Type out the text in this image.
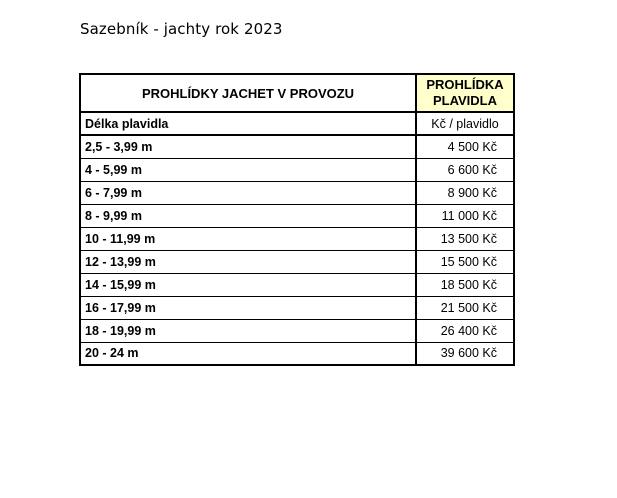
Sazebník - jachty rok 2023
PROHLÍDKY JACHET V PROVOZU	PROHLÍDKA
PLAVIDLA
Délka plavidla	Kč / plavidlo
2,5 - 3,99 m	4 500 Kč
4 - 5,99 m	6 600 Kč
6 - 7,99 m	8 900 Kč
8 - 9,99 m	11 000 Kč
10 - 11,99 m	13 500 Kč
12 - 13,99 m	15 500 Kč
14 - 15,99 m	18 500 Kč
16 - 17,99 m	21 500 Kč
18 - 19,99 m	26 400 Kč
20 - 24 m	39 600 Kč
